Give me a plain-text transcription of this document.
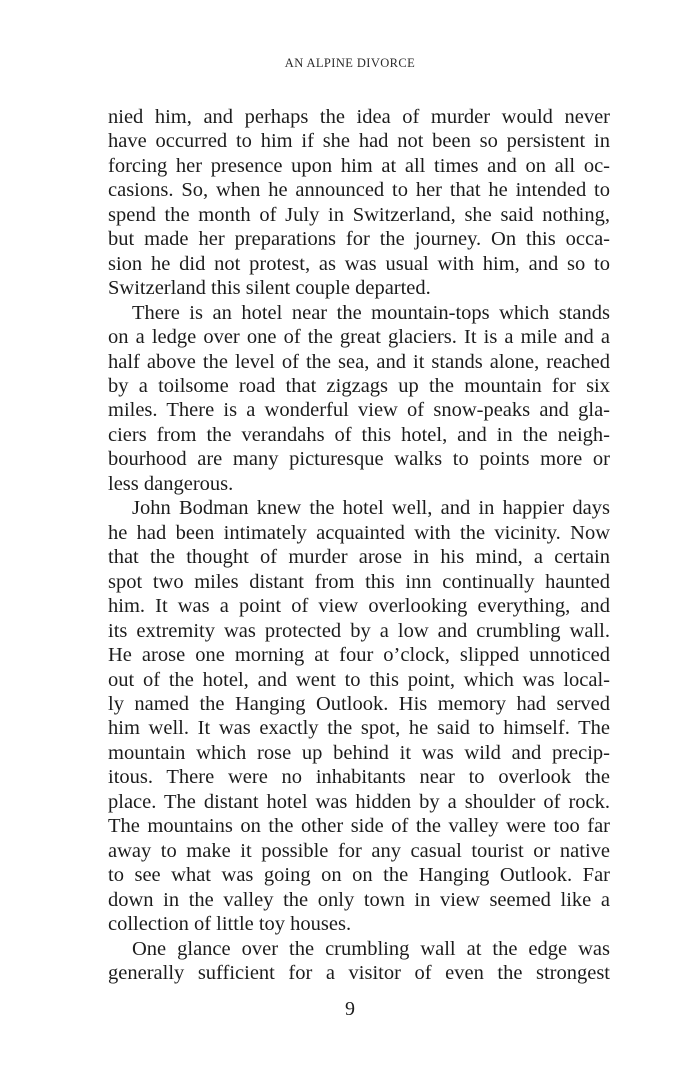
AN ALPINE DIVORCE
nied him, and perhaps the idea of murder would never
have occurred to him if she had not been so persistent in
forcing her presence upon him at all times and on all oc-
casions. So, when he announced to her that he intended to
spend the month of July in Switzerland, she said nothing,
but made her preparations for the journey. On this occa-
sion he did not protest, as was usual with him, and so to
Switzerland this silent couple departed.
There is an hotel near the mountain-tops which stands
on a ledge over one of the great glaciers. It is a mile and a
half above the level of the sea, and it stands alone, reached
by a toilsome road that zigzags up the mountain for six
miles. There is a wonderful view of snow-peaks and gla-
ciers from the verandahs of this hotel, and in the neigh-
bourhood are many picturesque walks to points more or
less dangerous.
John Bodman knew the hotel well, and in happier days
he had been intimately acquainted with the vicinity. Now
that the thought of murder arose in his mind, a certain
spot two miles distant from this inn continually haunted
him. It was a point of view overlooking everything, and
its extremity was protected by a low and crumbling wall.
He arose one morning at four o’clock, slipped unnoticed
out of the hotel, and went to this point, which was local-
ly named the Hanging Outlook. His memory had served
him well. It was exactly the spot, he said to himself. The
mountain which rose up behind it was wild and precip-
itous. There were no inhabitants near to overlook the
place. The distant hotel was hidden by a shoulder of rock.
The mountains on the other side of the valley were too far
away to make it possible for any casual tourist or native
to see what was going on on the Hanging Outlook. Far
down in the valley the only town in view seemed like a
collection of little toy houses.
One glance over the crumbling wall at the edge was
generally sufficient for a visitor of even the strongest
9
